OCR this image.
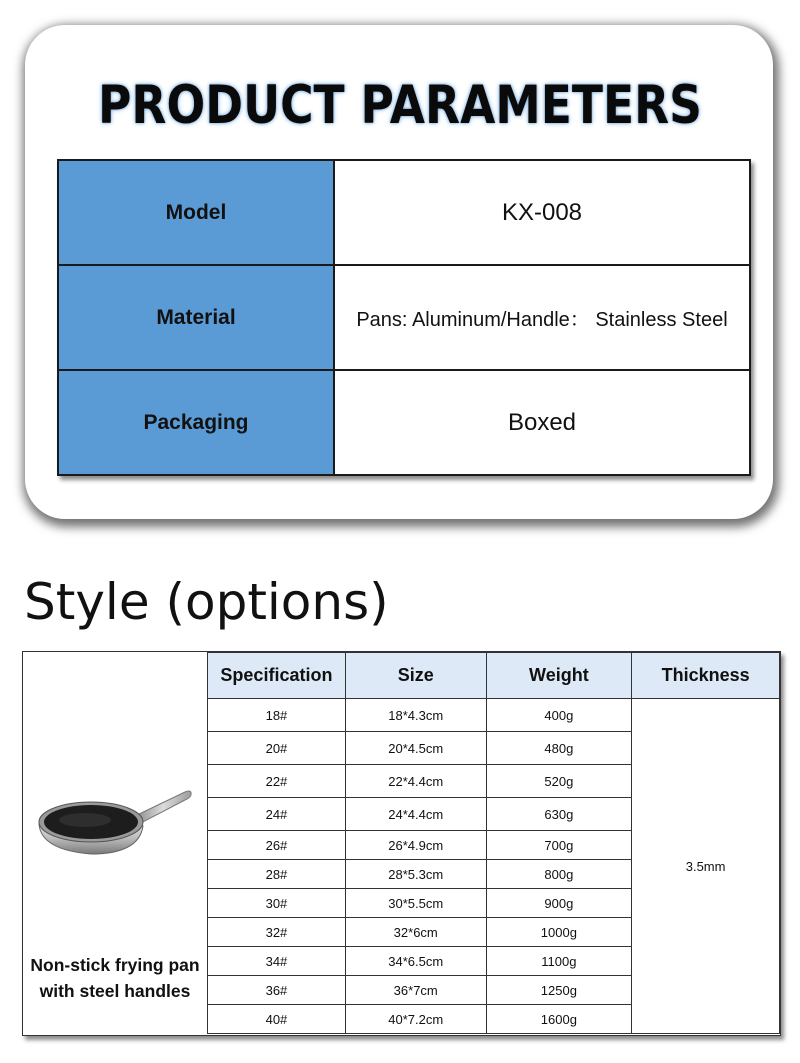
PRODUCT PARAMETERS
Model	KX-008
Material	Pans: Aluminum/Handle： Stainless Steel
Packaging	Boxed
Style (options)
Non-stick frying pan with steel handles
Specification	Size	Weight	Thickness
18#	18*4.3cm	400g	3.5mm
20#	20*4.5cm	480g	
22#	22*4.4cm	520g	
24#	24*4.4cm	630g	
26#	26*4.9cm	700g	
28#	28*5.3cm	800g	
30#	30*5.5cm	900g	
32#	32*6cm	1000g	
34#	34*6.5cm	1100g	
36#	36*7cm	1250g	
40#	40*7.2cm	1600g	
